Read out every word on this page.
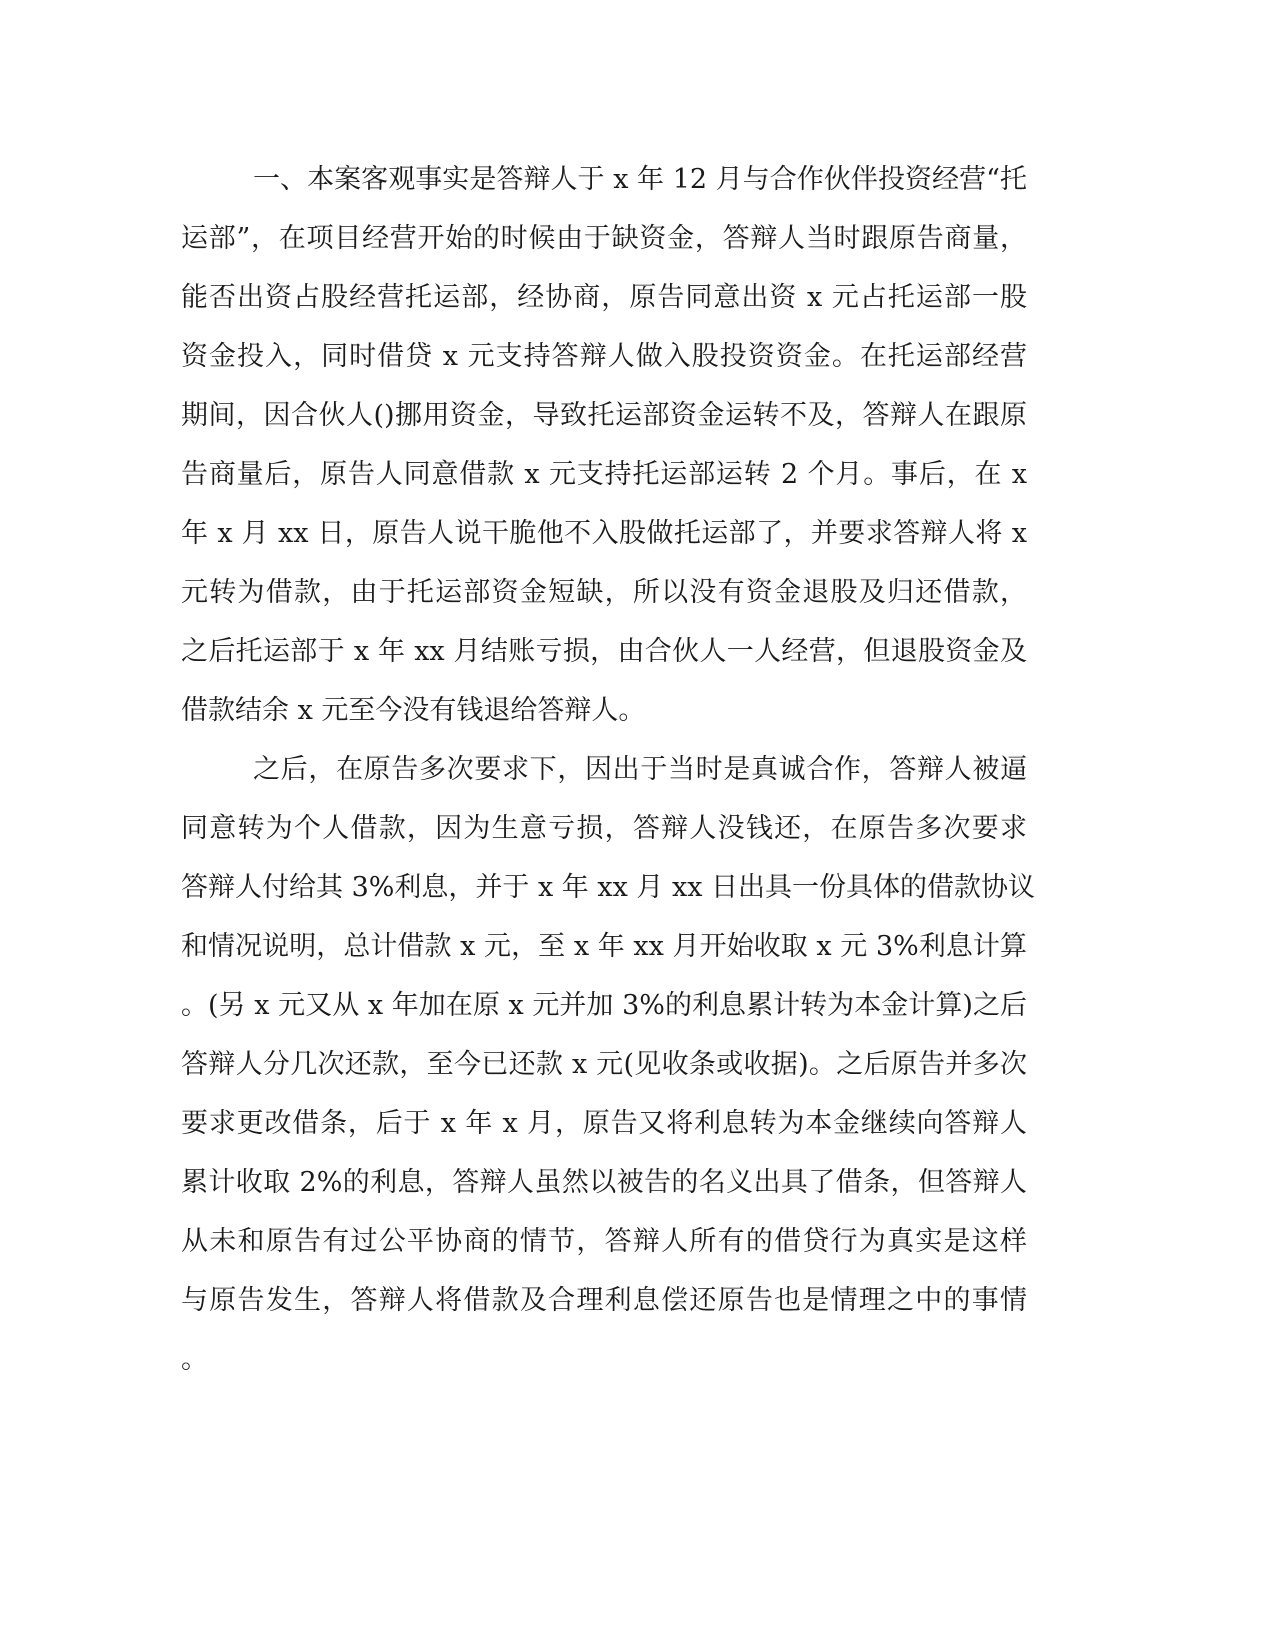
一、本案客观事实是答辩人于 x 年 12 月与合作伙伴投资经营“托
运部”，在项目经营开始的时候由于缺资金，答辩人当时跟原告商量，
能否出资占股经营托运部，经协商，原告同意出资 x 元占托运部一股
资金投入，同时借贷 x 元支持答辩人做入股投资资金。在托运部经营
期间，因合伙人()挪用资金，导致托运部资金运转不及，答辩人在跟原
告商量后，原告人同意借款 x 元支持托运部运转 2 个月。事后，在 x
年 x 月 xx 日，原告人说干脆他不入股做托运部了，并要求答辩人将 x
元转为借款，由于托运部资金短缺，所以没有资金退股及归还借款，
之后托运部于 x 年 xx 月结账亏损，由合伙人一人经营，但退股资金及
借款结余 x 元至今没有钱退给答辩人。
之后，在原告多次要求下，因出于当时是真诚合作，答辩人被逼
同意转为个人借款，因为生意亏损，答辩人没钱还，在原告多次要求
答辩人付给其 3%利息，并于 x 年 xx 月 xx 日出具一份具体的借款协议
和情况说明，总计借款 x 元，至 x 年 xx 月开始收取 x 元 3%利息计算
。(另 x 元又从 x 年加在原 x 元并加 3%的利息累计转为本金计算)之后
答辩人分几次还款，至今已还款 x 元(见收条或收据)。之后原告并多次
要求更改借条，后于 x 年 x 月，原告又将利息转为本金继续向答辩人
累计收取 2%的利息，答辩人虽然以被告的名义出具了借条，但答辩人
从未和原告有过公平协商的情节，答辩人所有的借贷行为真实是这样
与原告发生，答辩人将借款及合理利息偿还原告也是情理之中的事情
。
